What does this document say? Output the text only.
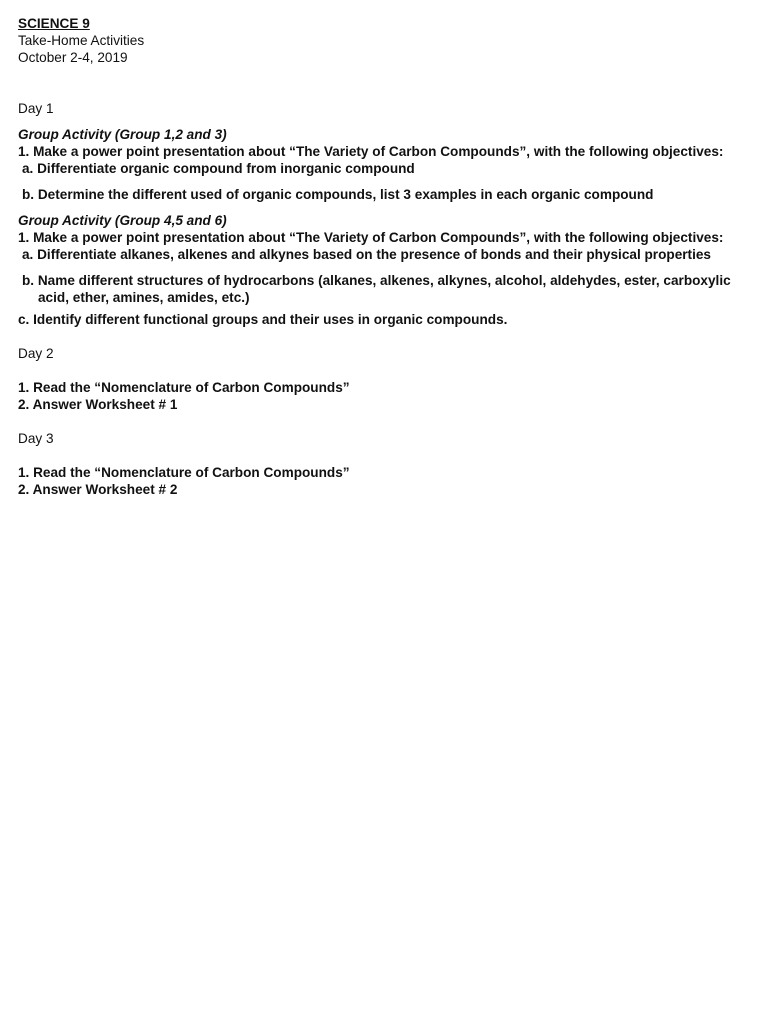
SCIENCE 9

Take-Home Activities

October 2-4, 2019

Day 1

Group Activity (Group 1,2 and 3)

1. Make a power point presentation about “The Variety of Carbon Compounds”, with the following objectives:

a. Differentiate organic compound from inorganic compound

b. Determine the different used of organic compounds, list 3 examples in each organic compound

Group Activity (Group 4,5 and 6)

1. Make a power point presentation about “The Variety of Carbon Compounds”, with the following objectives:

a. Differentiate alkanes, alkenes and alkynes based on the presence of bonds and their physical properties

b. Name different structures of hydrocarbons (alkanes, alkenes, alkynes, alcohol, aldehydes, ester, carboxylic acid, ether, amines, amides, etc.)

c. Identify different functional groups and their uses in organic compounds.

Day 2

1. Read the “Nomenclature of Carbon Compounds”

2. Answer Worksheet # 1

Day 3

1. Read the “Nomenclature of Carbon Compounds”

2. Answer Worksheet # 2
